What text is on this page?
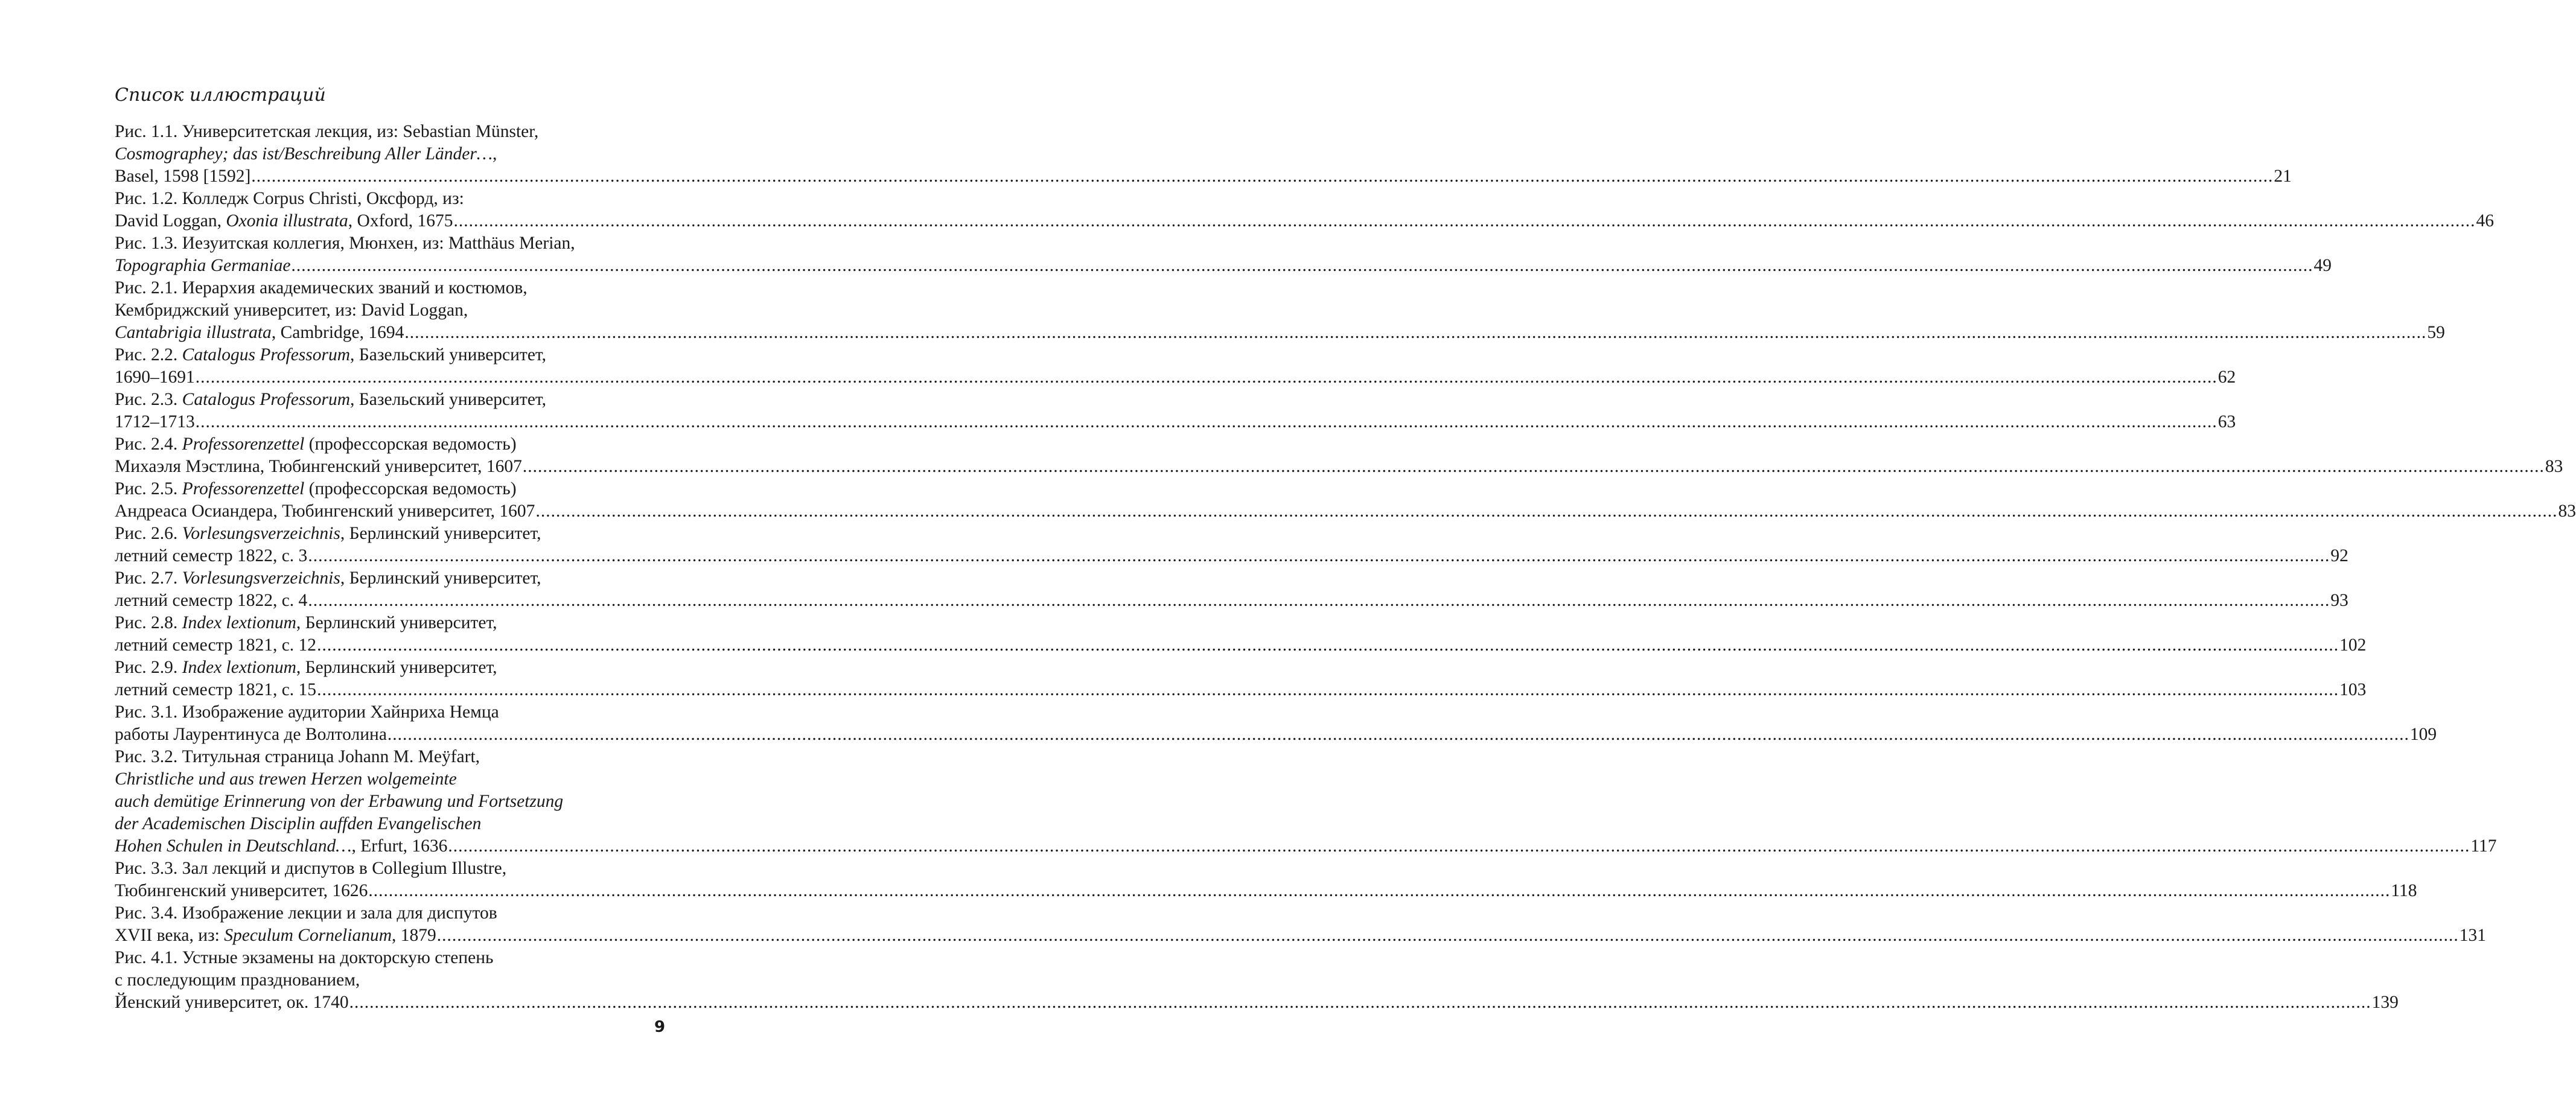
Список иллюстраций
Рис. 1.1. Университетская лекция, из: Sebastian Münster,
Cosmographey; das ist/Beschreibung Aller Länder…,
Basel, 1598 [1592] ................................................................................................................................................................................................................................................................................................................................................................................................................ 21
Рис. 1.2. Колледж Corpus Christi, Оксфорд, из:
David Loggan, Oxonia illustrata, Oxford, 1675 ................................................................................................................................................................................................................................................................................................................................................................................................................ 46
Рис. 1.3. Иезуитская коллегия, Мюнхен, из: Matthäus Merian,
Topographia Germaniae ................................................................................................................................................................................................................................................................................................................................................................................................................ 49
Рис. 2.1. Иерархия академических званий и костюмов,
Кембриджский университет, из: David Loggan,
Cantabrigia illustrata, Cambridge, 1694 ................................................................................................................................................................................................................................................................................................................................................................................................................ 59
Рис. 2.2. Catalogus Professorum, Базельский университет,
1690–1691 ................................................................................................................................................................................................................................................................................................................................................................................................................ 62
Рис. 2.3. Catalogus Professorum, Базельский университет,
1712–1713 ................................................................................................................................................................................................................................................................................................................................................................................................................ 63
Рис. 2.4. Professorenzettel (профессорская ведомость)
Михаэля Мэстлина, Тюбингенский университет, 1607 ................................................................................................................................................................................................................................................................................................................................................................................................................ 83
Рис. 2.5. Professorenzettel (профессорская ведомость)
Андреаса Осиандера, Тюбингенский университет, 1607 ................................................................................................................................................................................................................................................................................................................................................................................................................ 83
Рис. 2.6. Vorlesungsverzeichnis, Берлинский университет,
летний семестр 1822, с. 3 ................................................................................................................................................................................................................................................................................................................................................................................................................ 92
Рис. 2.7. Vorlesungsverzeichnis, Берлинский университет,
летний семестр 1822, с. 4 ................................................................................................................................................................................................................................................................................................................................................................................................................ 93
Рис. 2.8. Index lextionum, Берлинский университет,
летний семестр 1821, с. 12 ................................................................................................................................................................................................................................................................................................................................................................................................................ 102
Рис. 2.9. Index lextionum, Берлинский университет,
летний семестр 1821, с. 15 ................................................................................................................................................................................................................................................................................................................................................................................................................ 103
Рис. 3.1. Изображение аудитории Хайнриха Немца
работы Лаурентинуса де Волтолина ................................................................................................................................................................................................................................................................................................................................................................................................................ 109
Рис. 3.2. Титульная страница Johann M. Meÿfart,
Christliche und aus trewen Herzen wolgemeinte
auch demütige Erinnerung von der Erbawung und Fortsetzung
der Academischen Disciplin auffden Evangelischen
Hohen Schulen in Deutschland…, Erfurt, 1636 ................................................................................................................................................................................................................................................................................................................................................................................................................ 117
Рис. 3.3. Зал лекций и диспутов в Collegium Illustre,
Тюбингенский университет, 1626 ................................................................................................................................................................................................................................................................................................................................................................................................................ 118
Рис. 3.4. Изображение лекции и зала для диспутов
XVII века, из: Speculum Cornelianum, 1879 ................................................................................................................................................................................................................................................................................................................................................................................................................ 131
Рис. 4.1. Устные экзамены на докторскую степень
с последующим празднованием,
Йенский университет, ок. 1740 ................................................................................................................................................................................................................................................................................................................................................................................................................ 139
9
